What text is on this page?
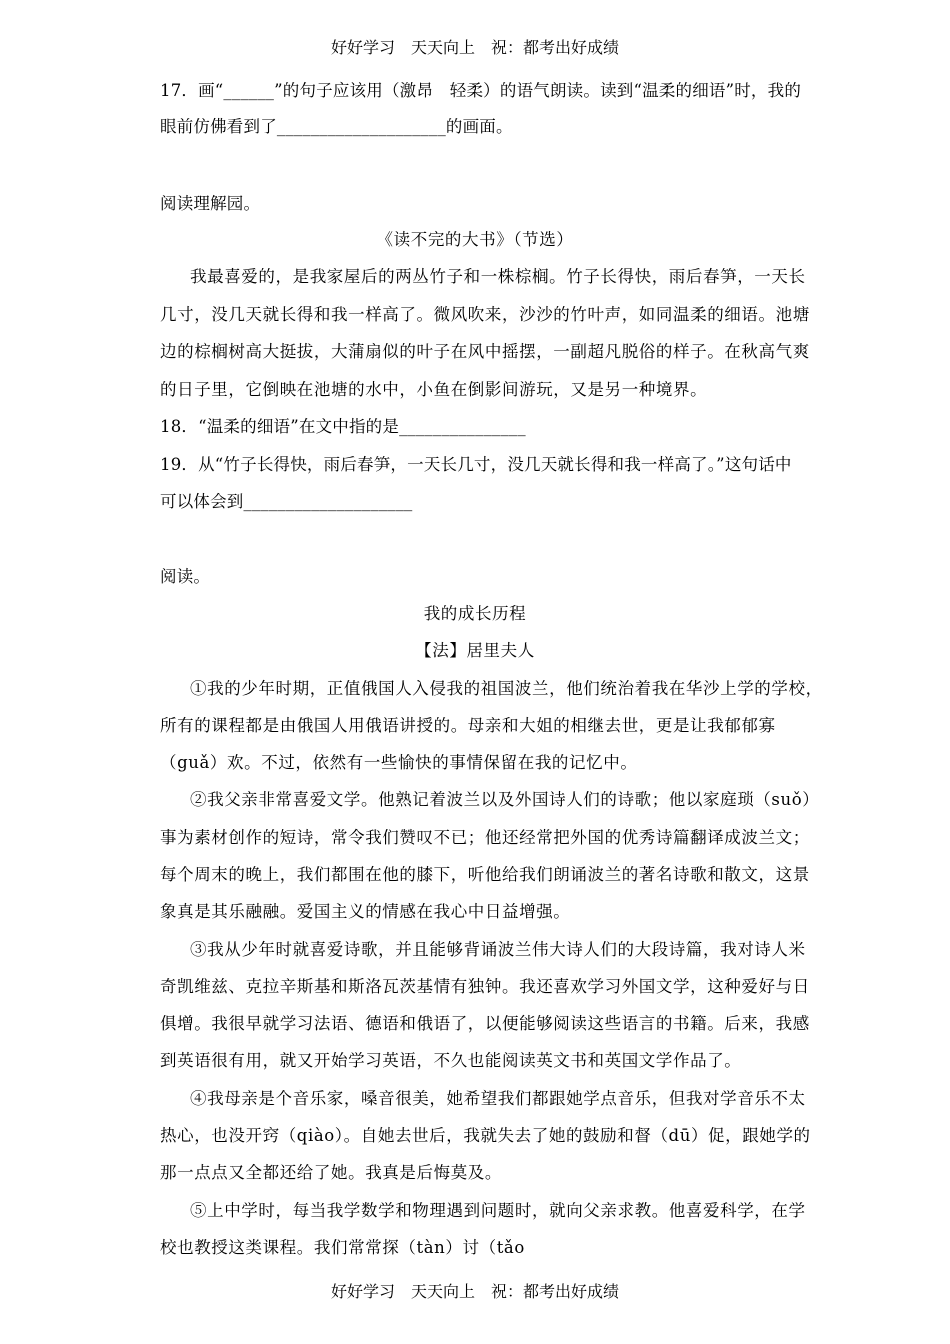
好好学习　天天向上　祝：都考出好成绩
17．画“______”的句子应该用（激昂　轻柔）的语气朗读。读到“温柔的细语”时，我的
眼前仿佛看到了____________________的画面。
阅读理解园。
《读不完的大书》（节选）
我最喜爱的，是我家屋后的两丛竹子和一株棕榈。竹子长得快，雨后春笋，一天长
几寸，没几天就长得和我一样高了。微风吹来，沙沙的竹叶声，如同温柔的细语。池塘
边的棕榈树高大挺拔，大蒲扇似的叶子在风中摇摆，一副超凡脱俗的样子。在秋高气爽
的日子里，它倒映在池塘的水中，小鱼在倒影间游玩，又是另一种境界。
18．“温柔的细语”在文中指的是_______________
19．从“竹子长得快，雨后春笋，一天长几寸，没几天就长得和我一样高了。”这句话中
可以体会到____________________
阅读。
我的成长历程
【法】居里夫人
①我的少年时期，正值俄国人入侵我的祖国波兰，他们统治着我在华沙上学的学校，
所有的课程都是由俄国人用俄语讲授的。母亲和大姐的相继去世，更是让我郁郁寡
（guǎ）欢。不过，依然有一些愉快的事情保留在我的记忆中。
②我父亲非常喜爱文学。他熟记着波兰以及外国诗人们的诗歌；他以家庭琐（suǒ）
事为素材创作的短诗，常令我们赞叹不已；他还经常把外国的优秀诗篇翻译成波兰文；
每个周末的晚上，我们都围在他的膝下，听他给我们朗诵波兰的著名诗歌和散文，这景
象真是其乐融融。爱国主义的情感在我心中日益增强。
③我从少年时就喜爱诗歌，并且能够背诵波兰伟大诗人们的大段诗篇，我对诗人米
奇凯维兹、克拉辛斯基和斯洛瓦茨基情有独钟。我还喜欢学习外国文学，这种爱好与日
俱增。我很早就学习法语、德语和俄语了，以便能够阅读这些语言的书籍。后来，我感
到英语很有用，就又开始学习英语，不久也能阅读英文书和英国文学作品了。
④我母亲是个音乐家，嗓音很美，她希望我们都跟她学点音乐，但我对学音乐不太
热心，也没开窍（qiào）。自她去世后，我就失去了她的鼓励和督（dū）促，跟她学的
那一点点又全都还给了她。我真是后悔莫及。
⑤上中学时，每当我学数学和物理遇到问题时，就向父亲求教。他喜爱科学，在学
校也教授这类课程。我们常常探（tàn）讨（tǎo
好好学习　天天向上　祝：都考出好成绩
